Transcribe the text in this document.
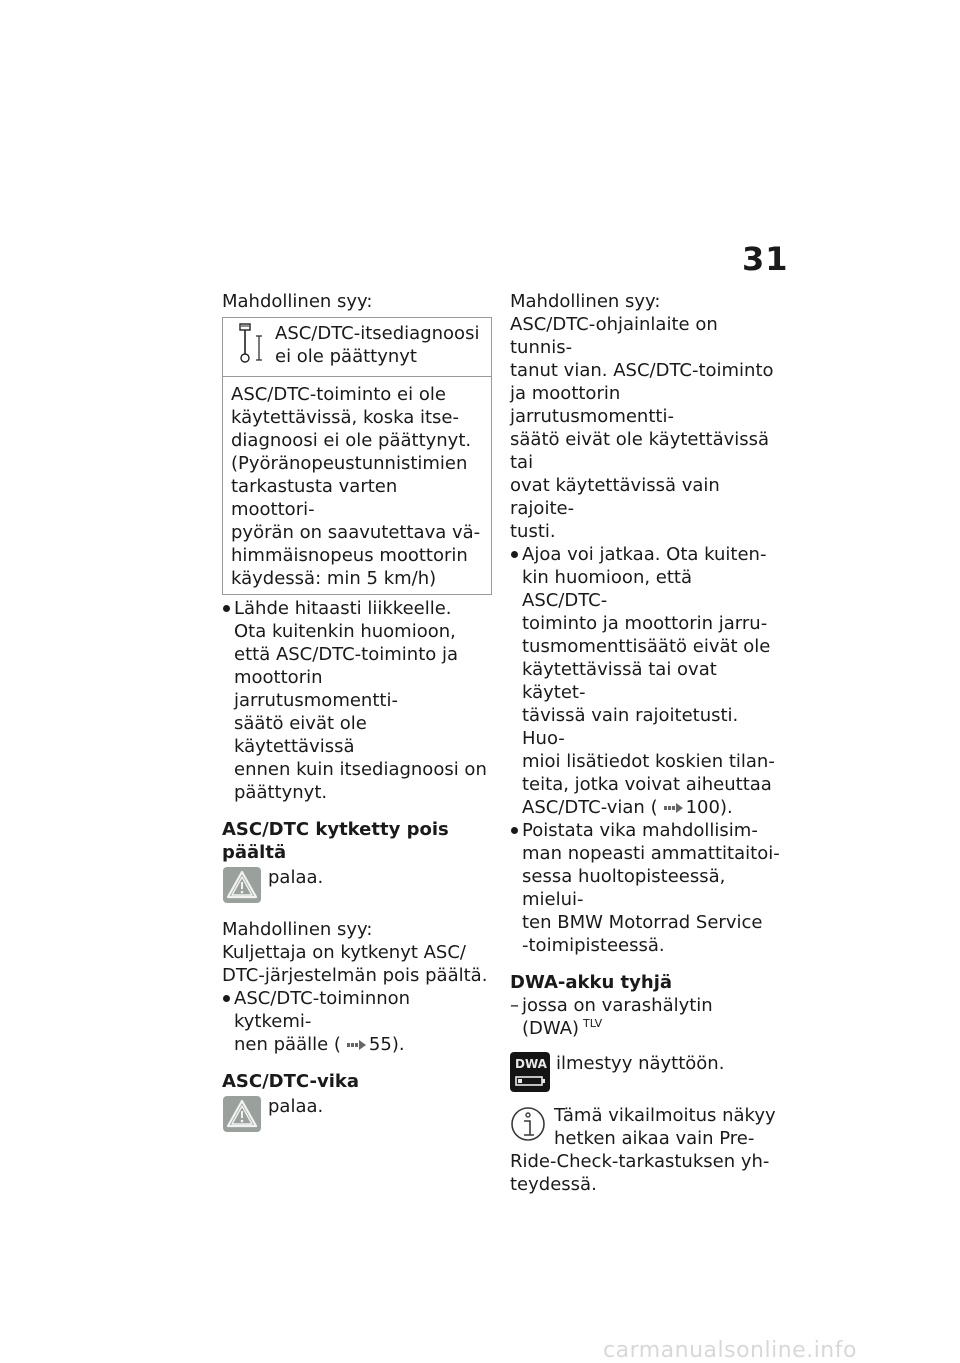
31

Mahdollinen syy:

ASC/DTC-itsediagnoosi

ei ole päättynyt

ASC/DTC-toiminto ei ole

käytettävissä, koska itse-

diagnoosi ei ole päättynyt.

(Pyöränopeustunnistimien

tarkastusta varten moottori-

pyörän on saavutettava vä-

himmäisnopeus moottorin

käydessä: min 5 km/h)

Lähde hitaasti liikkeelle.
Ota kuitenkin huomioon,
että ASC/DTC-toiminto ja
moottorin jarrutusmomentti-
säätö eivät ole käytettävissä
ennen kuin itsediagnoosi on
päättynyt.

ASC/DTC kytketty pois päältä

palaa.

Mahdollinen syy:

Kuljettaja on kytkenyt ASC/

DTC-järjestelmän pois päältä.

ASC/DTC-toiminnon kytkemi-
nen päälle ( 55).

ASC/DTC-vika

palaa.

Mahdollinen syy:

ASC/DTC-ohjainlaite on tunnis-

tanut vian. ASC/DTC-toiminto

ja moottorin jarrutusmomentti-

säätö eivät ole käytettävissä tai

ovat käytettävissä vain rajoite-

tusti.

Ajoa voi jatkaa. Ota kuiten-
kin huomioon, että ASC/DTC-
toiminto ja moottorin jarru-
tusmomenttisäätö eivät ole
käytettävissä tai ovat käytet-
tävissä vain rajoitetusti. Huo-
mioi lisätiedot koskien tilan-
teita, jotka voivat aiheuttaa
ASC/DTC-vian ( 100).
Poistata vika mahdollisim-
man nopeasti ammattitaitoi-
sessa huoltopisteessä, mielui-
ten BMW Motorrad Service
-toimipisteessä.

DWA-akku tyhjä

– jossa on varashälytin
(DWA) $^{TLV}$
DWA ilmestyy näyttöön.

Tämä vikailmoitus näkyy

hetken aikaa vain Pre-

Ride-Check-tarkastuksen yh-

teydessä.

carmanualsonline.info
